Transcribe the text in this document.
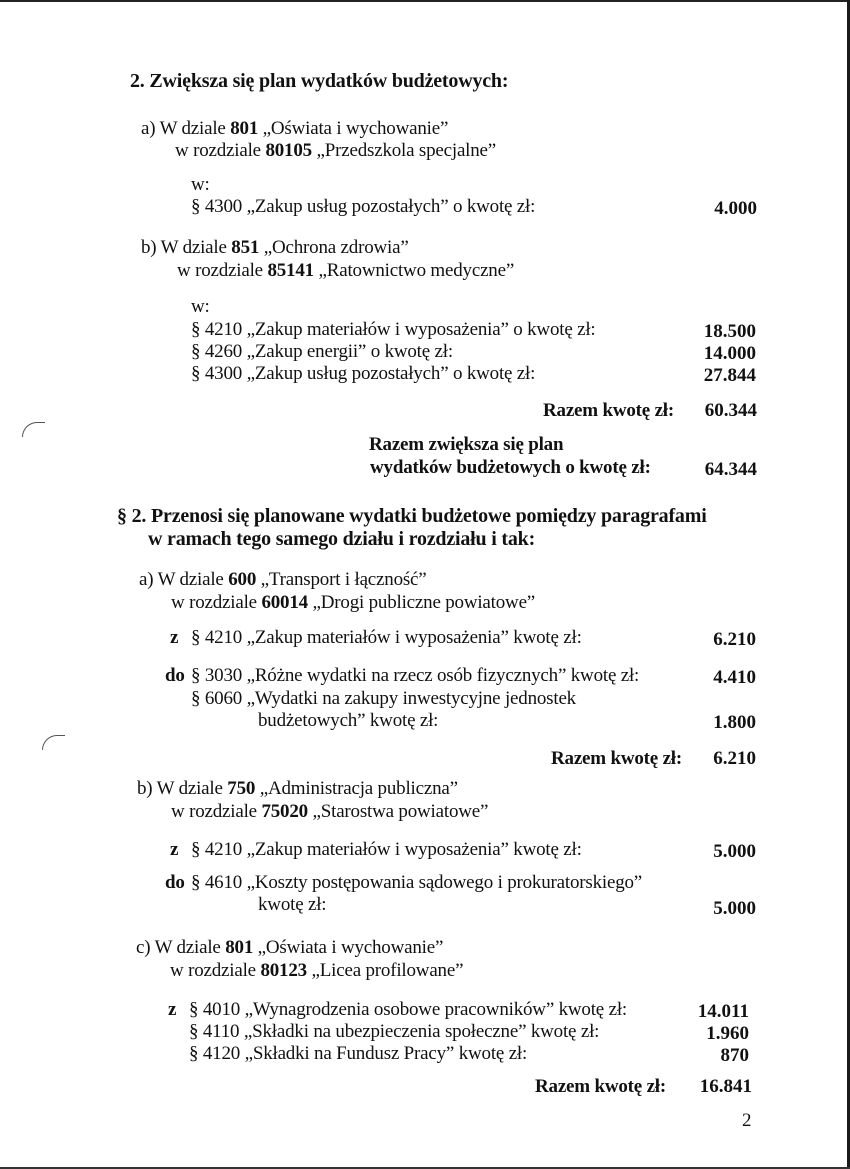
2. Zwiększa się plan wydatków budżetowych:
a) W dziale 801 „Oświata i wychowanie”
w rozdziale 80105 „Przedszkola specjalne”
w:
§ 4300 „Zakup usług pozostałych” o kwotę zł:	4.000
b) W dziale 851 „Ochrona zdrowia”
w rozdziale 85141 „Ratownictwo medyczne”
w:
§ 4210 „Zakup materiałów i wyposażenia” o kwotę zł:	18.500
§ 4260 „Zakup energii” o kwotę zł:	14.000
§ 4300 „Zakup usług pozostałych” o kwotę zł:	27.844
Razem kwotę zł:	60.344
Razem zwiększa się plan
wydatków budżetowych o kwotę zł:	64.344
§ 2. Przenosi się planowane wydatki budżetowe pomiędzy paragrafami
w ramach tego samego działu i rozdziału i tak:
a) W dziale 600 „Transport i łączność”
w rozdziale 60014 „Drogi publiczne powiatowe”
z § 4210 „Zakup materiałów i wyposażenia” kwotę zł:	6.210
do § 3030 „Różne wydatki na rzecz osób fizycznych” kwotę zł:	4.410
§ 6060 „Wydatki na zakupy inwestycyjne jednostek
budżetowych” kwotę zł:	1.800
Razem kwotę zł:	6.210
b) W dziale 750 „Administracja publiczna”
w rozdziale 75020 „Starostwa powiatowe”
z § 4210 „Zakup materiałów i wyposażenia” kwotę zł:	5.000
do § 4610 „Koszty postępowania sądowego i prokuratorskiego”
kwotę zł:	5.000
c) W dziale 801 „Oświata i wychowanie”
w rozdziale 80123 „Licea profilowane”
z § 4010 „Wynagrodzenia osobowe pracowników” kwotę zł:	14.011
§ 4110 „Składki na ubezpieczenia społeczne” kwotę zł:	1.960
§ 4120 „Składki na Fundusz Pracy” kwotę zł:	870
Razem kwotę zł:	16.841
2
